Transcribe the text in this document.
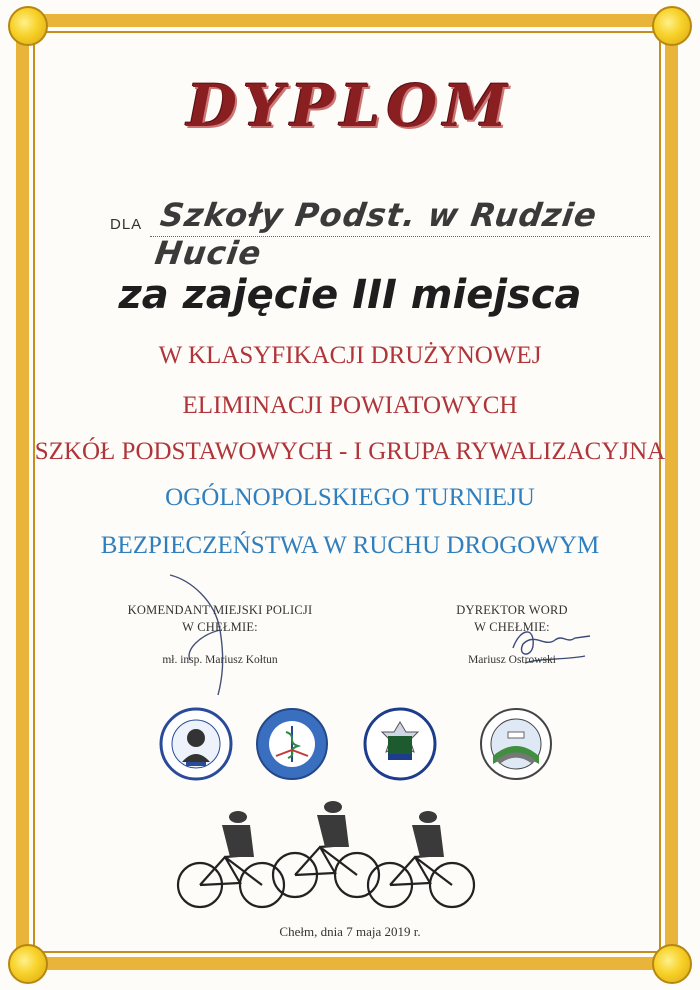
DYPLOM
DLA Szkoły Podst. w Rudzie Hucie
za zajęcie III miejsca
W KLASYFIKACJI DRUŻYNOWEJ
ELIMINACJI POWIATOWYCH
SZKÓŁ PODSTAWOWYCH - I GRUPA RYWALIZACYJNA
OGÓLNOPOLSKIEGO TURNIEJU
BEZPIECZEŃSTWA W RUCHU DROGOWYM
KOMENDANT MIEJSKI POLICJI
W CHEŁMIE:
mł. insp. Mariusz Kołtun
DYREKTOR WORD
W CHEŁMIE:
Mariusz Ostrowski
Chełm, dnia 7 maja 2019 r.
